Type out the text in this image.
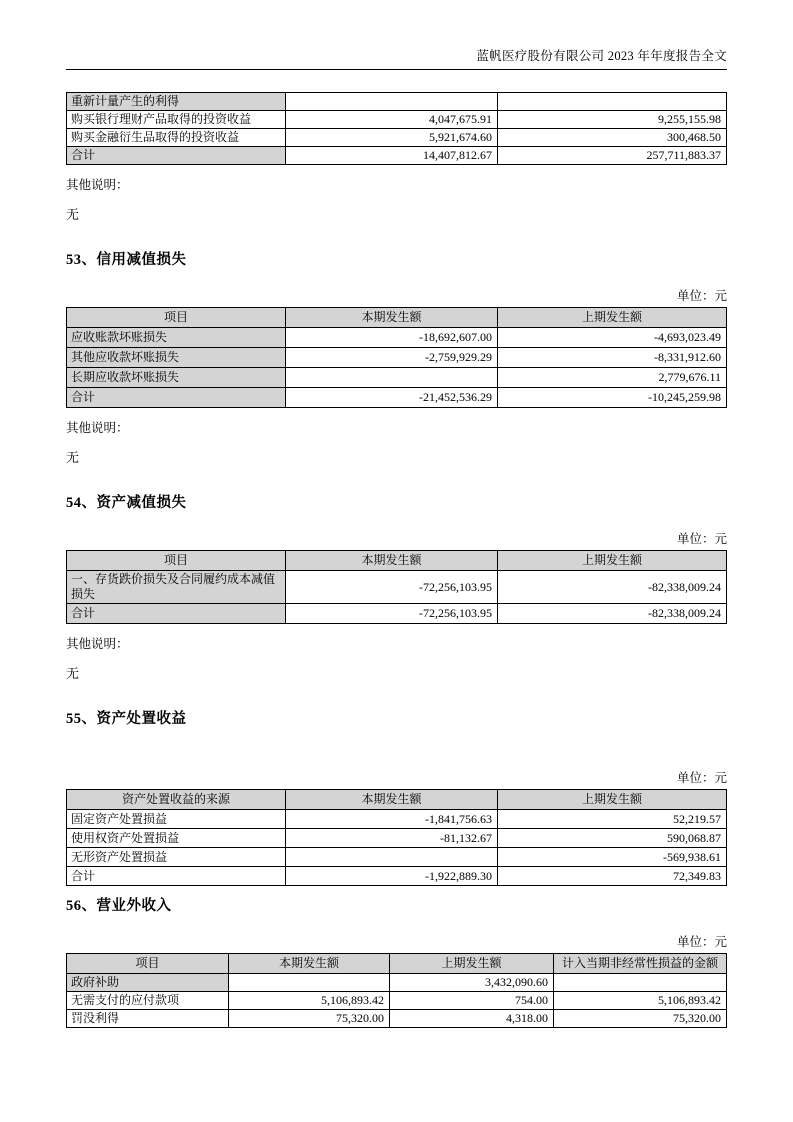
蓝帆医疗股份有限公司 2023 年年度报告全文
重新计量产生的利得		
购买银行理财产品取得的投资收益	4,047,675.91	9,255,155.98
购买金融衍生品取得的投资收益	5,921,674.60	300,468.50
合计	14,407,812.67	257,711,883.37
其他说明：
无
53、信用减值损失
单位：元
项目	本期发生额	上期发生额
应收账款坏账损失	-18,692,607.00	-4,693,023.49
其他应收款坏账损失	-2,759,929.29	-8,331,912.60
长期应收款坏账损失		2,779,676.11
合计	-21,452,536.29	-10,245,259.98
其他说明：
无
54、资产减值损失
单位：元
项目	本期发生额	上期发生额
一、存货跌价损失及合同履约成本减值损失	-72,256,103.95	-82,338,009.24
合计	-72,256,103.95	-82,338,009.24
其他说明：
无
55、资产处置收益
单位：元
资产处置收益的来源	本期发生额	上期发生额
固定资产处置损益	-1,841,756.63	52,219.57
使用权资产处置损益	-81,132.67	590,068.87
无形资产处置损益		-569,938.61
合计	-1,922,889.30	72,349.83
56、营业外收入
单位：元
项目	本期发生额	上期发生额	计入当期非经常性损益的金额
政府补助		3,432,090.60	
无需支付的应付款项	5,106,893.42	754.00	5,106,893.42
罚没利得	75,320.00	4,318.00	75,320.00
